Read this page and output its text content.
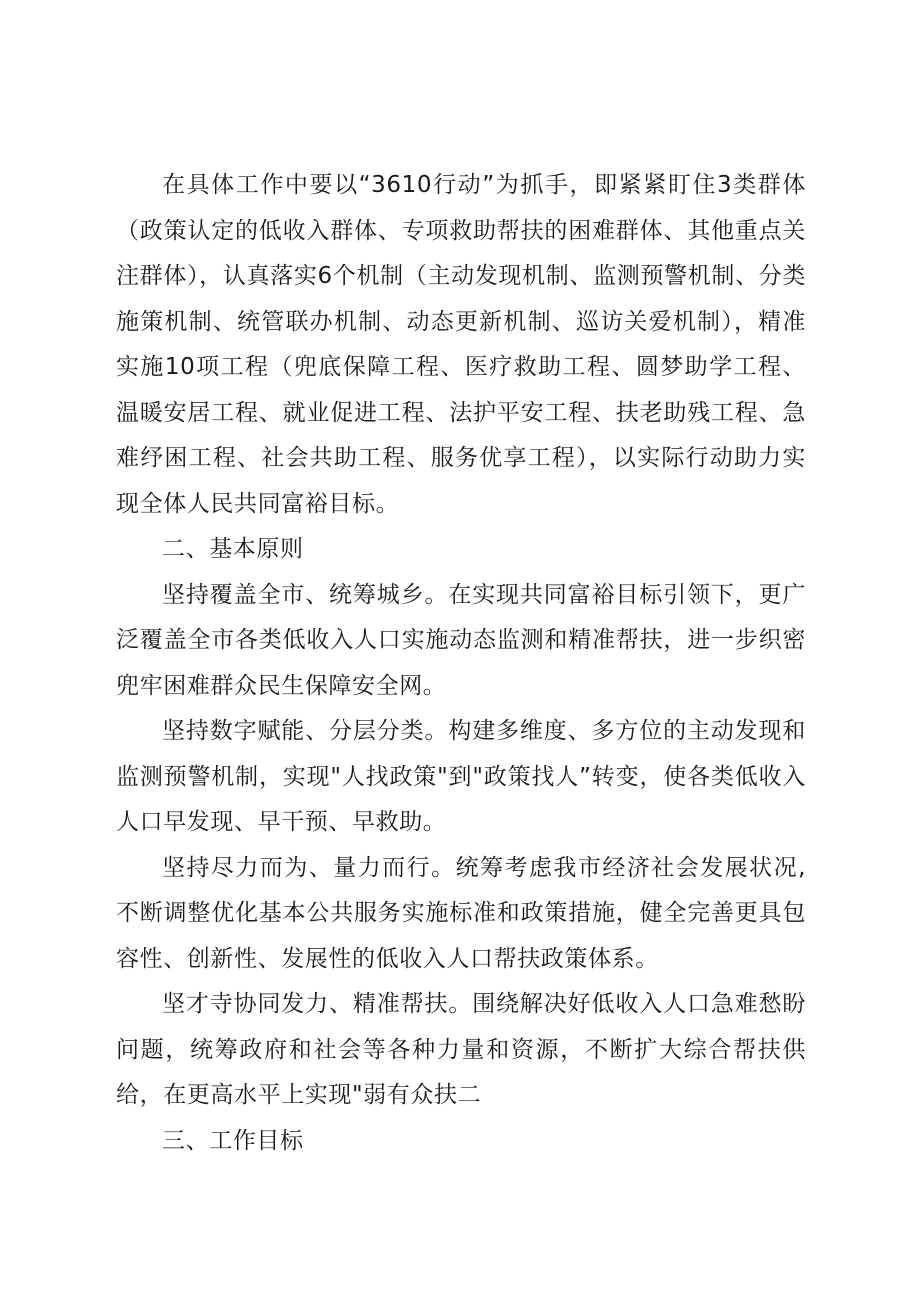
在具体工作中要以“3610行动”为抓手，即紧紧盯住3类群体（政策认定的低收入群体、专项救助帮扶的困难群体、其他重点关注群体），认真落实6个机制（主动发现机制、监测预警机制、分类施策机制、统管联办机制、动态更新机制、巡访关爱机制），精准实施10项工程（兜底保障工程、医疗救助工程、圆梦助学工程、温暖安居工程、就业促进工程、法护平安工程、扶老助残工程、急难纾困工程、社会共助工程、服务优享工程），以实际行动助力实现全体人民共同富裕目标。

二、基本原则

坚持覆盖全市、统筹城乡。在实现共同富裕目标引领下，更广泛覆盖全市各类低收入人口实施动态监测和精准帮扶，进一步织密兜牢困难群众民生保障安全网。

坚持数字赋能、分层分类。构建多维度、多方位的主动发现和监测预警机制，实现"人找政策"到"政策找人”转变，使各类低收入人口早发现、早干预、早救助。

坚持尽力而为、量力而行。统筹考虑我市经济社会发展状况,不断调整优化基本公共服务实施标准和政策措施，健全完善更具包容性、创新性、发展性的低收入人口帮扶政策体系。

坚才寺协同发力、精准帮扶。围绕解决好低收入人口急难愁盼问题，统筹政府和社会等各种力量和资源，不断扩大综合帮扶供给，在更高水平上实现"弱有众扶二

三、工作目标
